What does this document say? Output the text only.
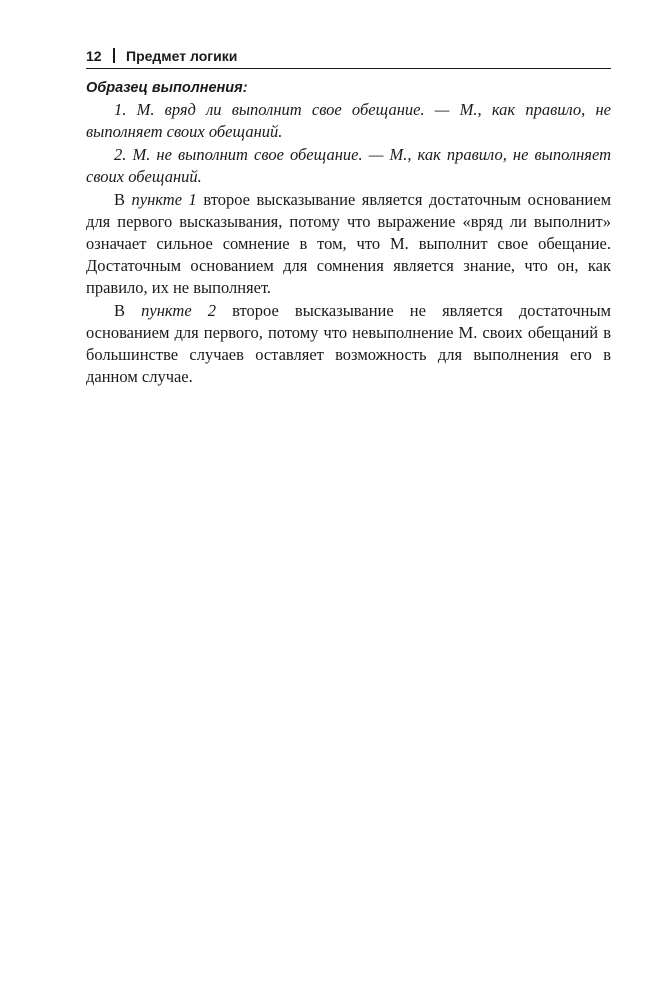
12 Предмет логики

Образец выполнения:

1. М. вряд ли выполнит свое обещание. — М., как правило, не выполняет своих обещаний.

2. М. не выполнит свое обещание. — М., как правило, не выполняет своих обещаний.

В пункте 1 второе высказывание является достаточным основанием для первого высказывания, потому что выражение «вряд ли выполнит» означает сильное сомнение в том, что М. выполнит свое обещание. Достаточным основанием для сомнения является знание, что он, как правило, их не выполняет.

В пункте 2 второе высказывание не является достаточным основанием для первого, потому что невыполнение М. своих обещаний в большинстве случаев оставляет возможность для выполнения его в данном случае.
